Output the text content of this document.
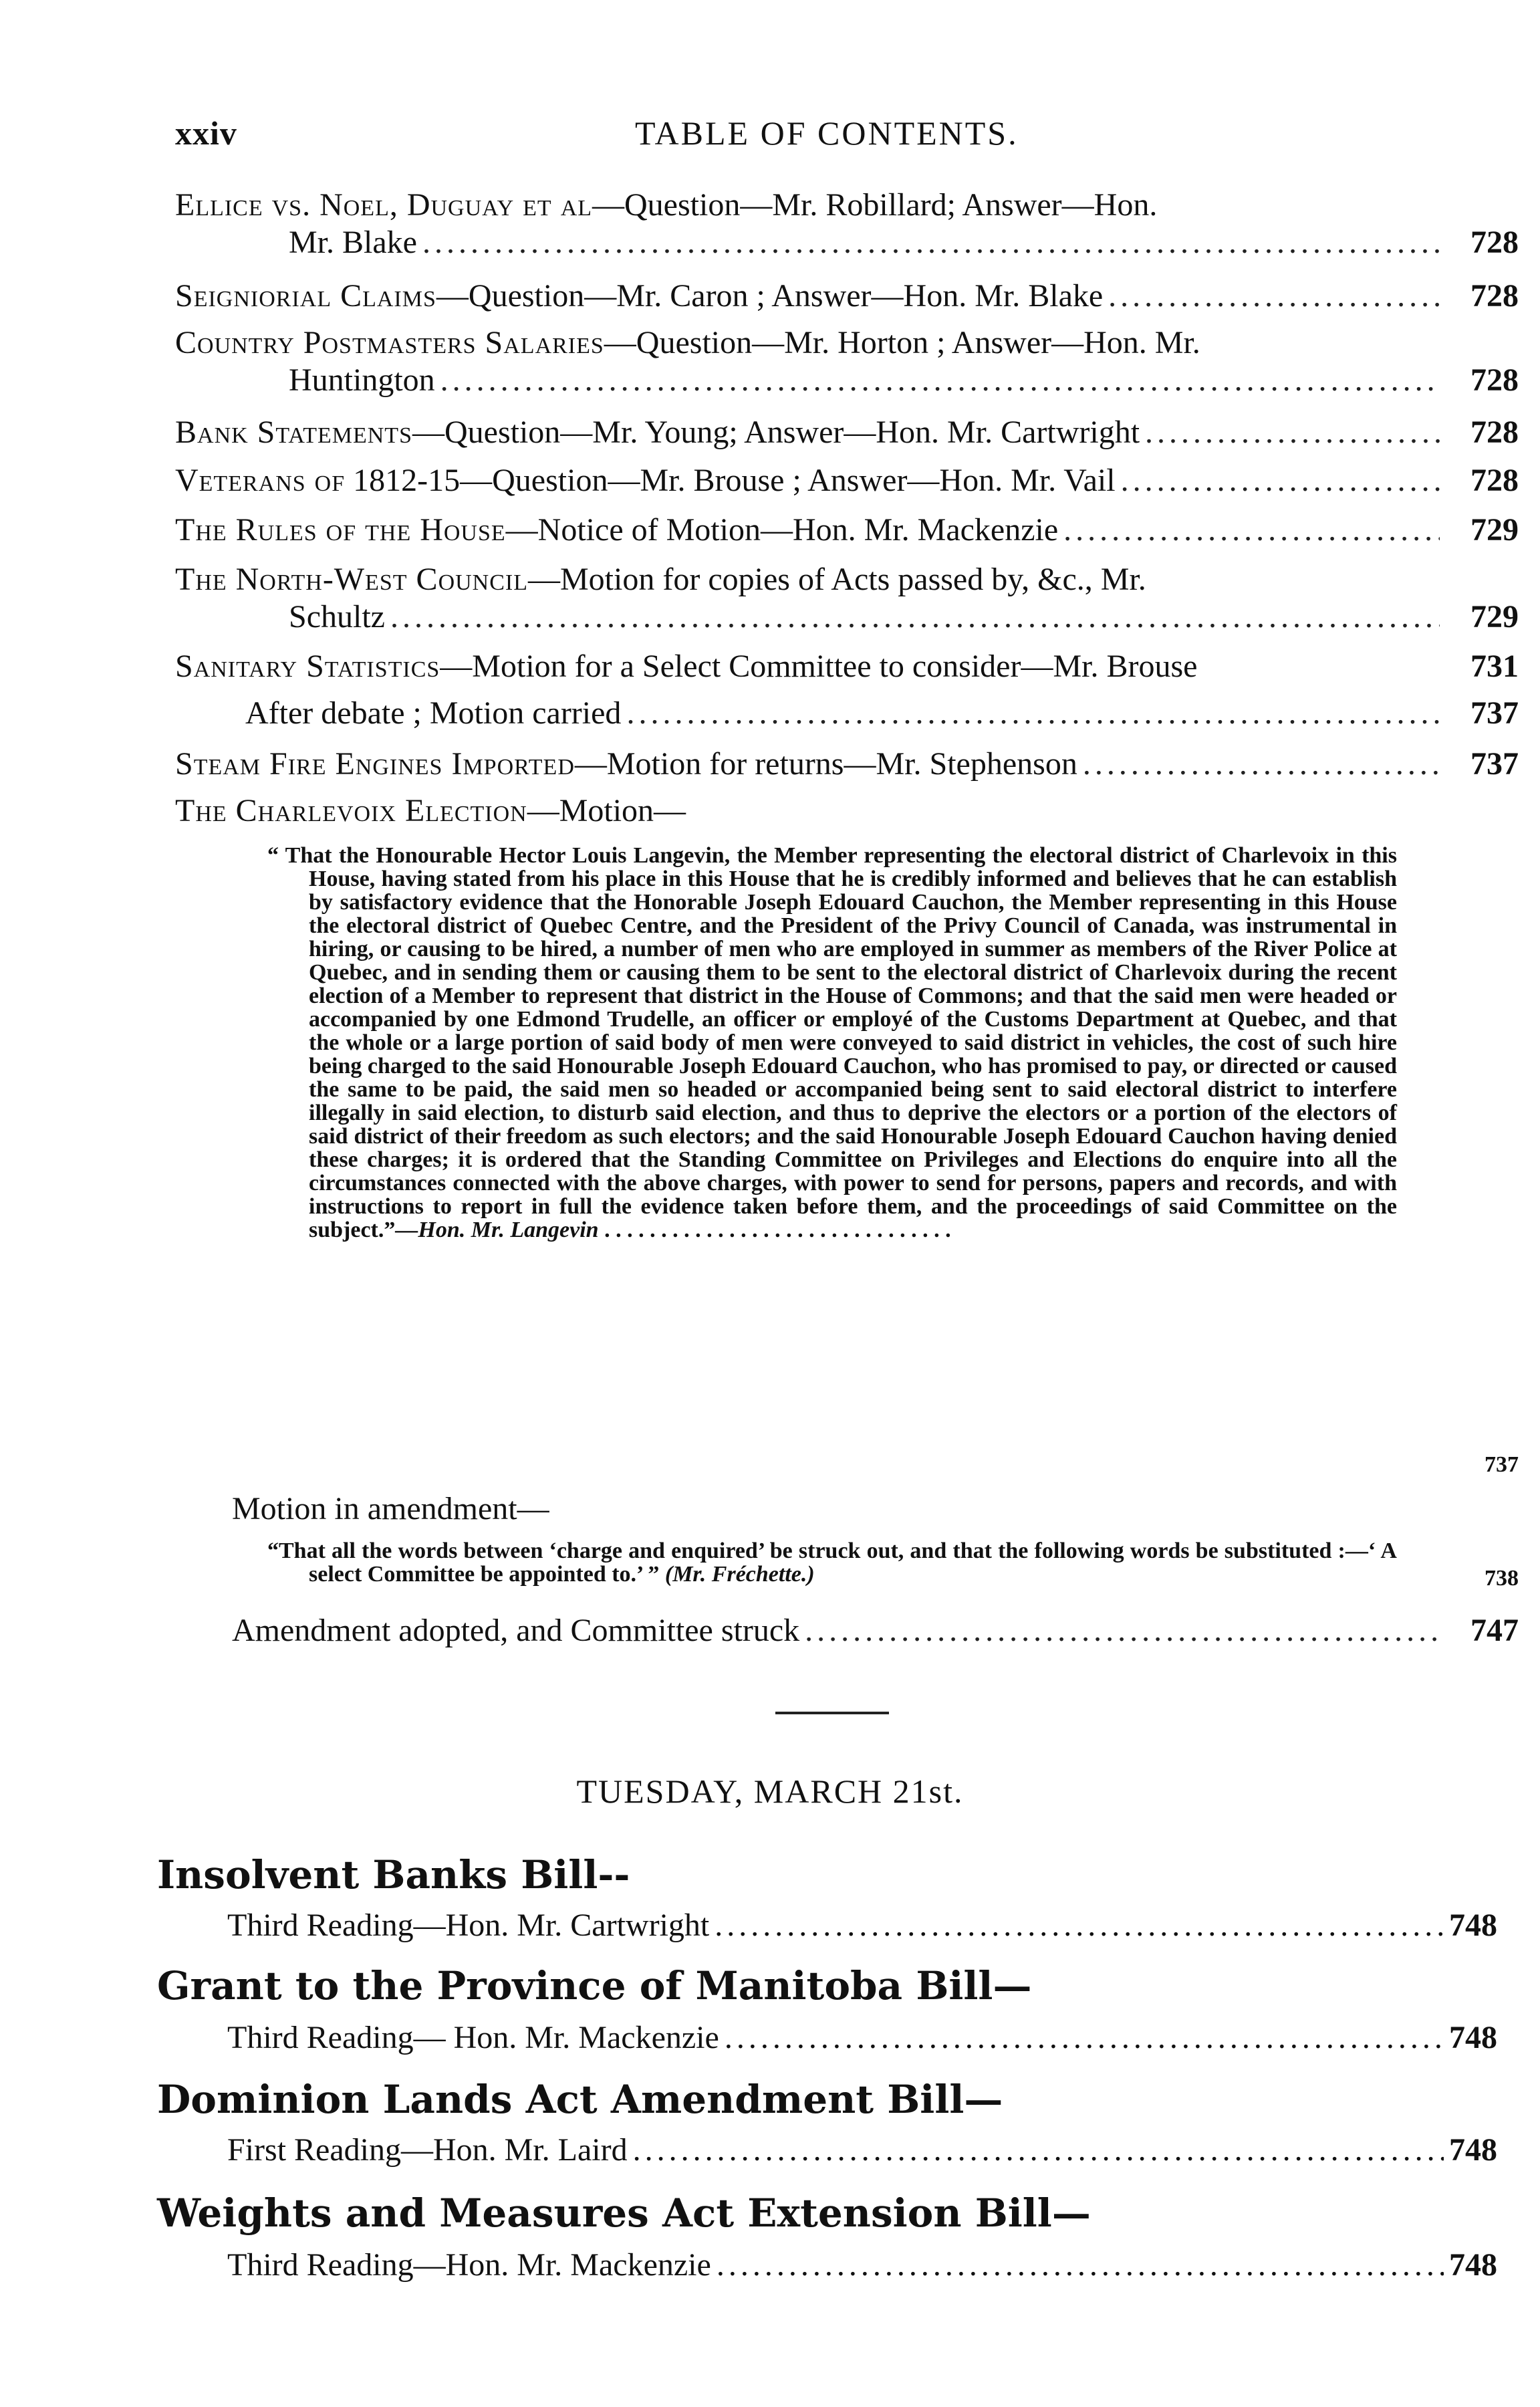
xxiv	TABLE OF CONTENTS.
Ellice vs. Noel, Duguay et al—Question—Mr. Robillard; Answer—Hon.
Mr. Blake . . .	728
Seigniorial Claims—Question—Mr. Caron ; Answer—Hon. Mr. Blake . . .	728
Country Postmasters Salaries—Question—Mr. Horton ; Answer—Hon. Mr.
Huntington . . .	728
Bank Statements—Question—Mr. Young; Answer—Hon. Mr. Cartwright . . .	728
Veterans of 1812-15—Question—Mr. Brouse ; Answer—Hon. Mr. Vail . . .	728
The Rules of the House—Notice of Motion—Hon. Mr. Mackenzie . . .	729
The North-West Council—Motion for copies of Acts passed by, &c., Mr.
Schultz . . .	729
Sanitary Statistics—Motion for a Select Committee to consider—Mr. Brouse	731
After debate ; Motion carried . . .	737
Steam Fire Engines Imported—Motion for returns—Mr. Stephenson . . .	737
The Charlevoix Election—Motion—
“ That the Honourable Hector Louis Langevin, the Member representing the electoral district of Charlevoix in this House, having stated from his place in this House that he is credibly informed and believes that he can establish by satisfactory evidence that the Honorable Joseph Edouard Cauchon, the Member representing in this House the electoral district of Quebec Centre, and the President of the Privy Council of Canada, was instrumental in hiring, or causing to be hired, a number of men who are employed in summer as members of the River Police at Quebec, and in sending them or causing them to be sent to the electoral district of Charlevoix during the recent election of a Member to represent that district in the House of Commons; and that the said men were headed or accompanied by one Edmond Trudelle, an officer or employé of the Customs Department at Quebec, and that the whole or a large portion of said body of men were conveyed to said district in vehicles, the cost of such hire being charged to the said Honourable Joseph Edouard Cauchon, who has promised to pay, or directed or caused the same to be paid, the said men so headed or accompanied being sent to said electoral district to interfere illegally in said election, to disturb said election, and thus to deprive the electors or a portion of the electors of said district of their freedom as such electors; and the said Honourable Joseph Edouard Cauchon having denied these charges; it is ordered that the Standing Committee on Privileges and Elections do enquire into all the circumstances connected with the above charges, with power to send for persons, papers and records, and with instructions to report in full the evidence taken before them, and the proceedings of said Committee on the subject.”—Hon. Mr. Langevin . . . . . . . . . . . . . . . . . . . . . . . . . . . . . . .
737
Motion in amendment—
“That all the words between ‘charge and enquired’ be struck out, and that the following words be substituted :—‘ A select Committee be appointed to.’ ” (Mr. Fréchette.)	738
Amendment adopted, and Committee struck . . .	747
TUESDAY, MARCH 21st.
Insolvent Banks Bill--
Third Reading—Hon. Mr. Cartwright . . .	748
Grant to the Province of Manitoba Bill—
Third Reading— Hon. Mr. Mackenzie . . .	748
Dominion Lands Act Amendment Bill—
First Reading—Hon. Mr. Laird . . .	748
Weights and Measures Act Extension Bill—
Third Reading—Hon. Mr. Mackenzie . . .	748
